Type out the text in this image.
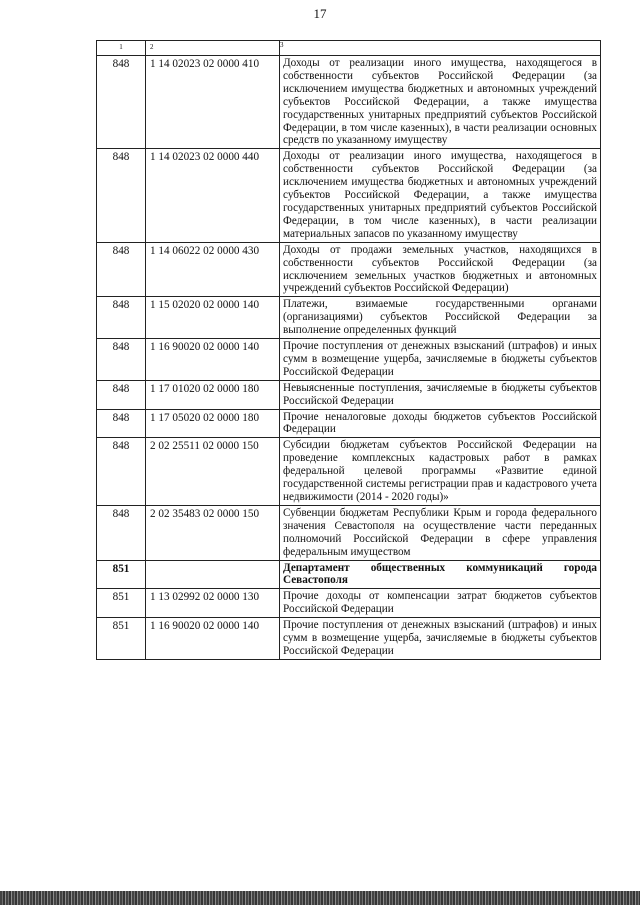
17
1	2	3
848	1 14 02023 02 0000 410	Доходы от реализации иного имущества, находящегося в собственности субъектов Российской Федерации (за исключением имущества бюджетных и автономных учреждений субъектов Российской Федерации, а также имущества государственных унитарных предприятий субъектов Российской Федерации, в том числе казенных), в части реализации основных средств по указанному имуществу
848	1 14 02023 02 0000 440	Доходы от реализации иного имущества, находящегося в собственности субъектов Российской Федерации (за исключением имущества бюджетных и автономных учреждений субъектов Российской Федерации, а также имущества государственных унитарных предприятий субъектов Российской Федерации, в том числе казенных), в части реализации материальных запасов по указанному имуществу
848	1 14 06022 02 0000 430	Доходы от продажи земельных участков, находящихся в собственности субъектов Российской Федерации (за исключением земельных участков бюджетных и автономных учреждений субъектов Российской Федерации)
848	1 15 02020 02 0000 140	Платежи, взимаемые государственными органами (организациями) субъектов Российской Федерации за выполнение определенных функций
848	1 16 90020 02 0000 140	Прочие поступления от денежных взысканий (штрафов) и иных сумм в возмещение ущерба, зачисляемые в бюджеты субъектов Российской Федерации
848	1 17 01020 02 0000 180	Невыясненные поступления, зачисляемые в бюджеты субъектов Российской Федерации
848	1 17 05020 02 0000 180	Прочие неналоговые доходы бюджетов субъектов Российской Федерации
848	2 02 25511 02 0000 150	Субсидии бюджетам субъектов Российской Федерации на проведение комплексных кадастровых работ в рамках федеральной целевой программы «Развитие единой государственной системы регистрации прав и кадастрового учета недвижимости (2014 - 2020 годы)»
848	2 02 35483 02 0000 150	Субвенции бюджетам Республики Крым и города федерального значения Севастополя на осуществление части переданных полномочий Российской Федерации в сфере управления федеральным имуществом
851		Департамент общественных коммуникаций города Севастополя
851	1 13 02992 02 0000 130	Прочие доходы от компенсации затрат бюджетов субъектов Российской Федерации
851	1 16 90020 02 0000 140	Прочие поступления от денежных взысканий (штрафов) и иных сумм в возмещение ущерба, зачисляемые в бюджеты субъектов Российской Федерации
